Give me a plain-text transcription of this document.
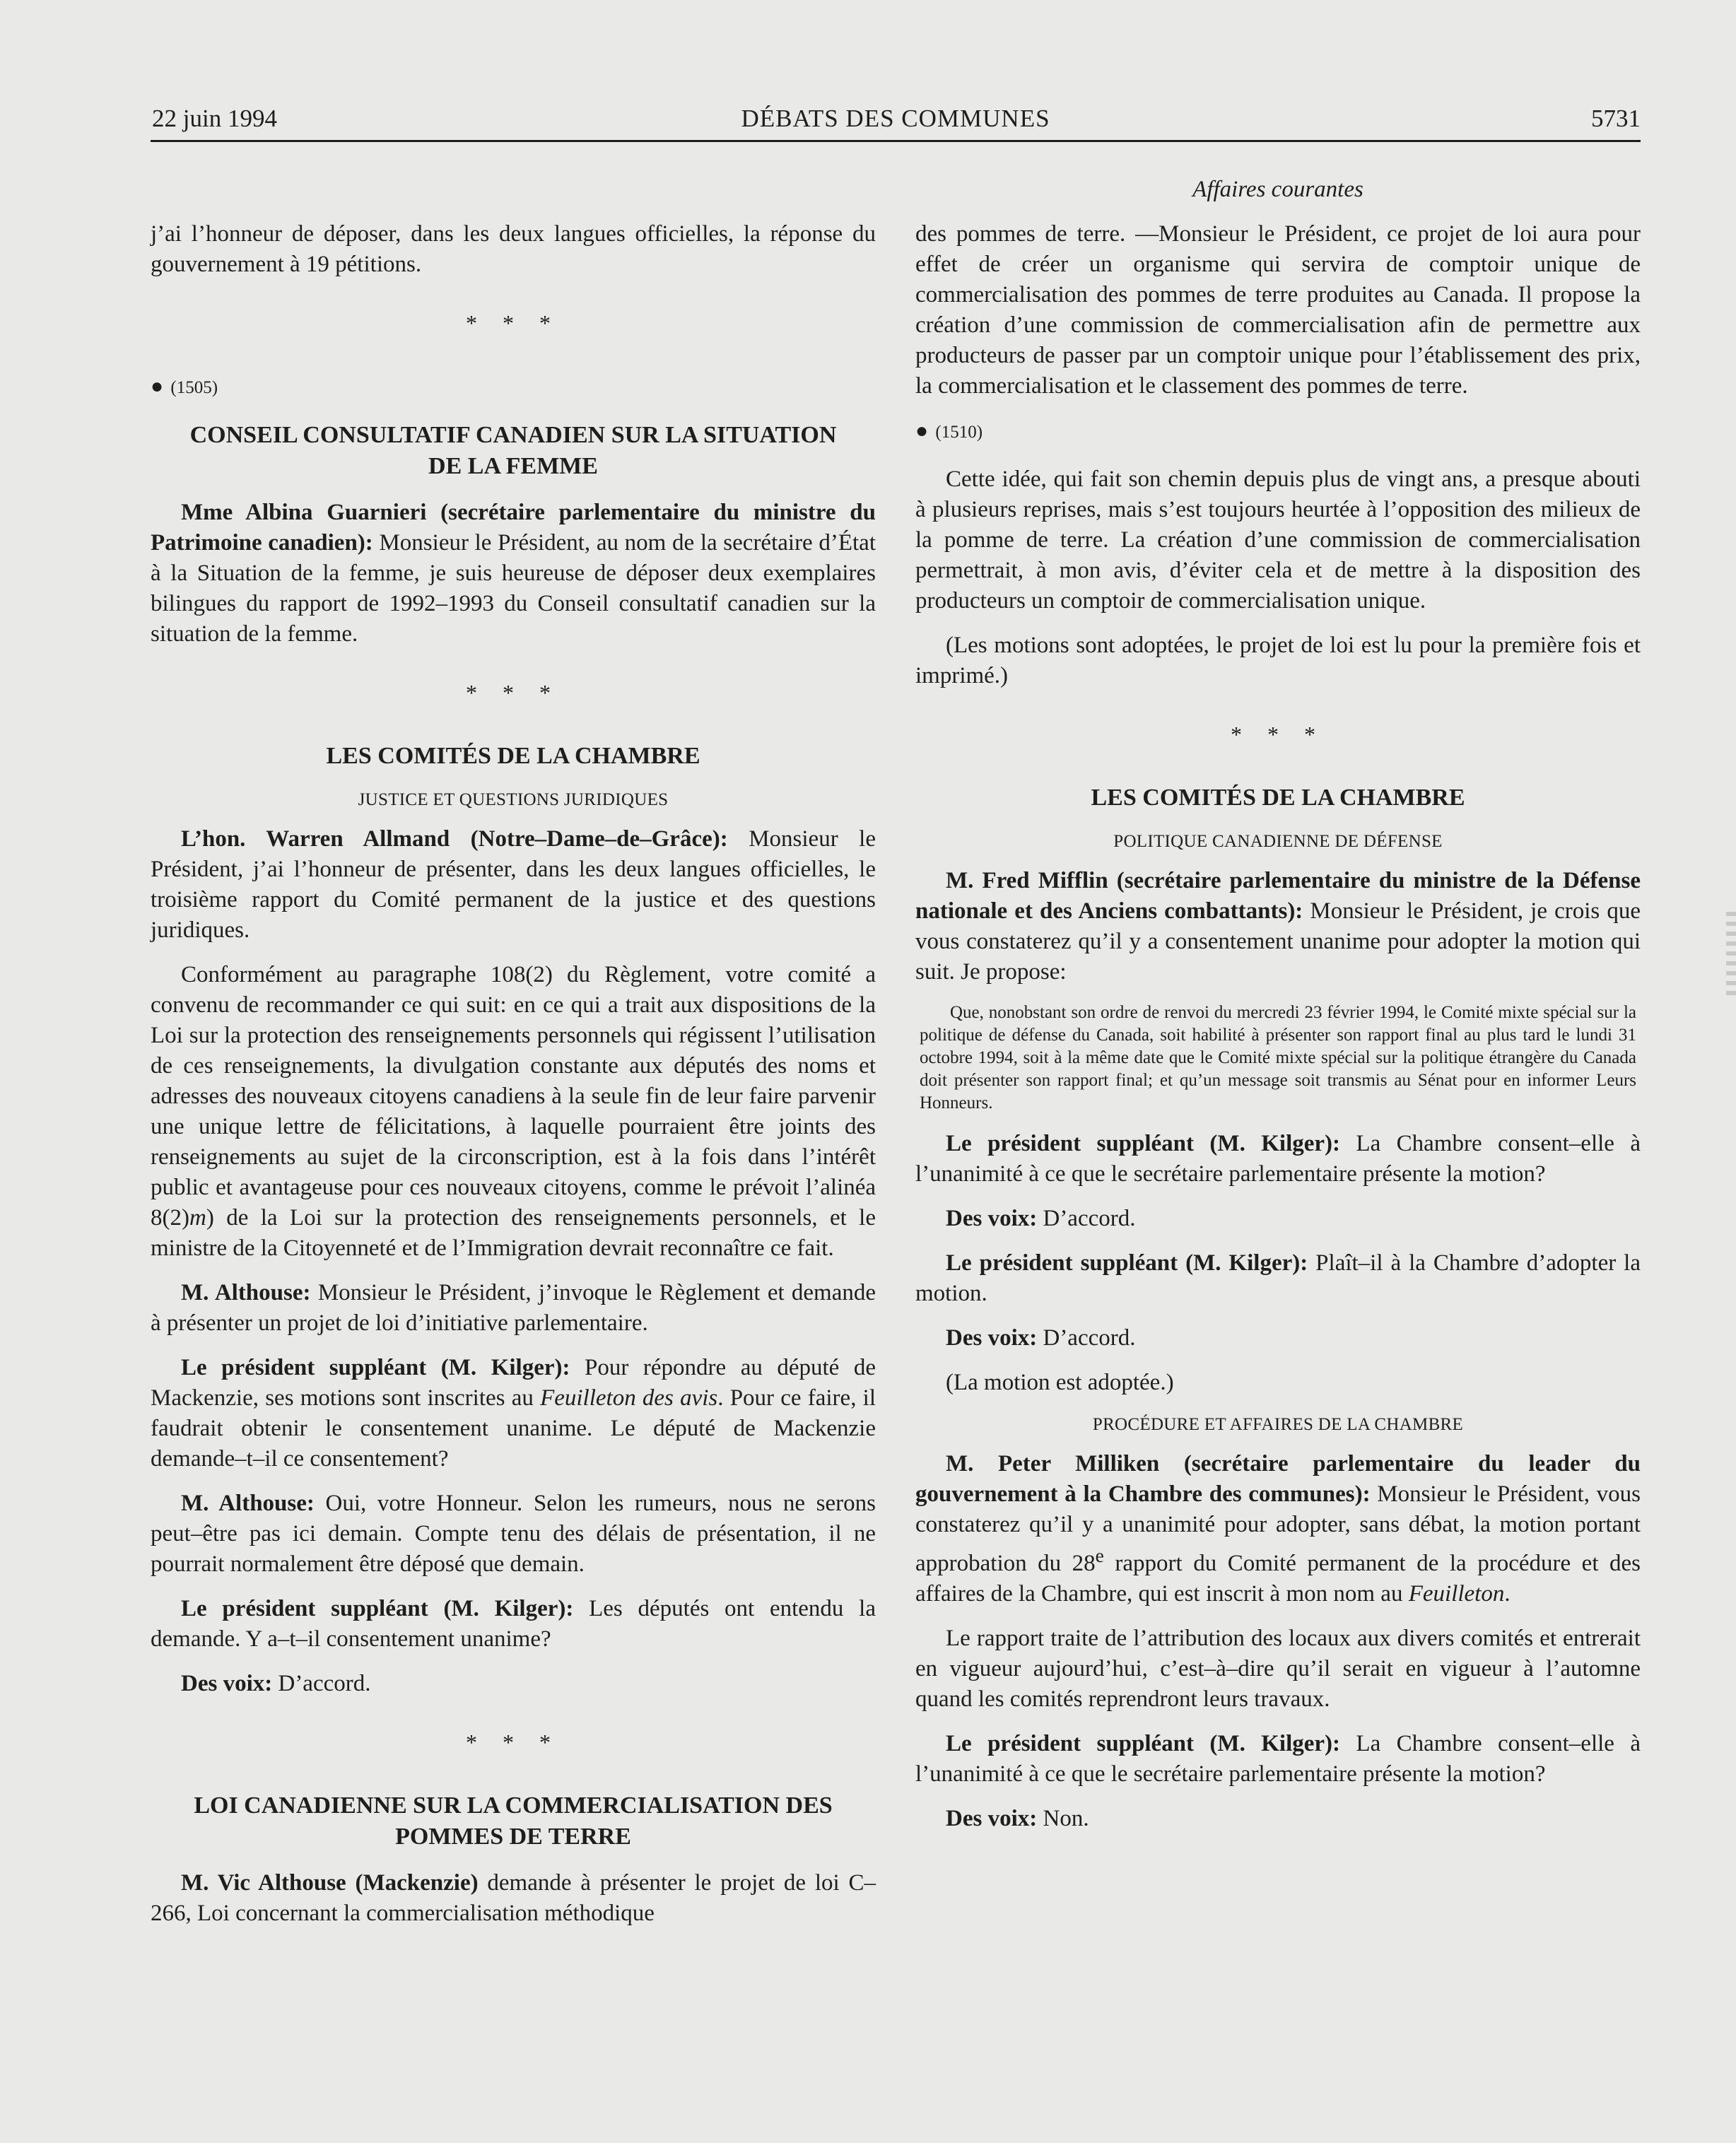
22 juin 1994	DÉBATS DES COMMUNES	5731
Affaires courantes

j’ai l’honneur de déposer, dans les deux langues officielles, la réponse du gouvernement à 19 pétitions.

* * *
● (1505)
CONSEIL CONSULTATIF CANADIEN SUR LA SITUATION DE LA FEMME

Mme Albina Guarnieri (secrétaire parlementaire du ministre du Patrimoine canadien): Monsieur le Président, au nom de la secrétaire d’État à la Situation de la femme, je suis heureuse de déposer deux exemplaires bilingues du rapport de 1992–1993 du Conseil consultatif canadien sur la situation de la femme.

* * *
LES COMITÉS DE LA CHAMBRE
JUSTICE ET QUESTIONS JURIDIQUES

L’hon. Warren Allmand (Notre–Dame–de–Grâce): Monsieur le Président, j’ai l’honneur de présenter, dans les deux langues officielles, le troisième rapport du Comité permanent de la justice et des questions juridiques.

Conformément au paragraphe 108(2) du Règlement, votre comité a convenu de recommander ce qui suit: en ce qui a trait aux dispositions de la Loi sur la protection des renseignements personnels qui régissent l’utilisation de ces renseignements, la divulgation constante aux députés des noms et adresses des nouveaux citoyens canadiens à la seule fin de leur faire parvenir une unique lettre de félicitations, à laquelle pourraient être joints des renseignements au sujet de la circonscription, est à la fois dans l’intérêt public et avantageuse pour ces nouveaux citoyens, comme le prévoit l’alinéa 8(2)m) de la Loi sur la protection des renseignements personnels, et le ministre de la Citoyenneté et de l’Immigration devrait reconnaître ce fait.

M. Althouse: Monsieur le Président, j’invoque le Règlement et demande à présenter un projet de loi d’initiative parlementaire.

Le président suppléant (M. Kilger): Pour répondre au député de Mackenzie, ses motions sont inscrites au Feuilleton des avis. Pour ce faire, il faudrait obtenir le consentement unanime. Le député de Mackenzie demande–t–il ce consentement?

M. Althouse: Oui, votre Honneur. Selon les rumeurs, nous ne serons peut–être pas ici demain. Compte tenu des délais de présentation, il ne pourrait normalement être déposé que demain.

Le président suppléant (M. Kilger): Les députés ont entendu la demande. Y a–t–il consentement unanime?

Des voix: D’accord.

* * *
LOI CANADIENNE SUR LA COMMERCIALISATION DES POMMES DE TERRE

M. Vic Althouse (Mackenzie) demande à présenter le projet de loi C–266, Loi concernant la commercialisation méthodique

des pommes de terre. —Monsieur le Président, ce projet de loi aura pour effet de créer un organisme qui servira de comptoir unique de commercialisation des pommes de terre produites au Canada. Il propose la création d’une commission de commercialisation afin de permettre aux producteurs de passer par un comptoir unique pour l’établissement des prix, la commercialisation et le classement des pommes de terre.

● (1510)

Cette idée, qui fait son chemin depuis plus de vingt ans, a presque abouti à plusieurs reprises, mais s’est toujours heurtée à l’opposition des milieux de la pomme de terre. La création d’une commission de commercialisation permettrait, à mon avis, d’éviter cela et de mettre à la disposition des producteurs un comptoir de commercialisation unique.

(Les motions sont adoptées, le projet de loi est lu pour la première fois et imprimé.)

* * *
LES COMITÉS DE LA CHAMBRE
POLITIQUE CANADIENNE DE DÉFENSE

M. Fred Mifflin (secrétaire parlementaire du ministre de la Défense nationale et des Anciens combattants): Monsieur le Président, je crois que vous constaterez qu’il y a consentement unanime pour adopter la motion qui suit. Je propose:

Que, nonobstant son ordre de renvoi du mercredi 23 février 1994, le Comité mixte spécial sur la politique de défense du Canada, soit habilité à présenter son rapport final au plus tard le lundi 31 octobre 1994, soit à la même date que le Comité mixte spécial sur la politique étrangère du Canada doit présenter son rapport final; et qu’un message soit transmis au Sénat pour en informer Leurs Honneurs.

Le président suppléant (M. Kilger): La Chambre consent–elle à l’unanimité à ce que le secrétaire parlementaire présente la motion?

Des voix: D’accord.

Le président suppléant (M. Kilger): Plaît–il à la Chambre d’adopter la motion.

Des voix: D’accord.

(La motion est adoptée.)

PROCÉDURE ET AFFAIRES DE LA CHAMBRE

M. Peter Milliken (secrétaire parlementaire du leader du gouvernement à la Chambre des communes): Monsieur le Président, vous constaterez qu’il y a unanimité pour adopter, sans débat, la motion portant approbation du 28e rapport du Comité permanent de la procédure et des affaires de la Chambre, qui est inscrit à mon nom au Feuilleton.

Le rapport traite de l’attribution des locaux aux divers comités et entrerait en vigueur aujourd’hui, c’est–à–dire qu’il serait en vigueur à l’automne quand les comités reprendront leurs travaux.

Le président suppléant (M. Kilger): La Chambre consent–elle à l’unanimité à ce que le secrétaire parlementaire présente la motion?

Des voix: Non.
